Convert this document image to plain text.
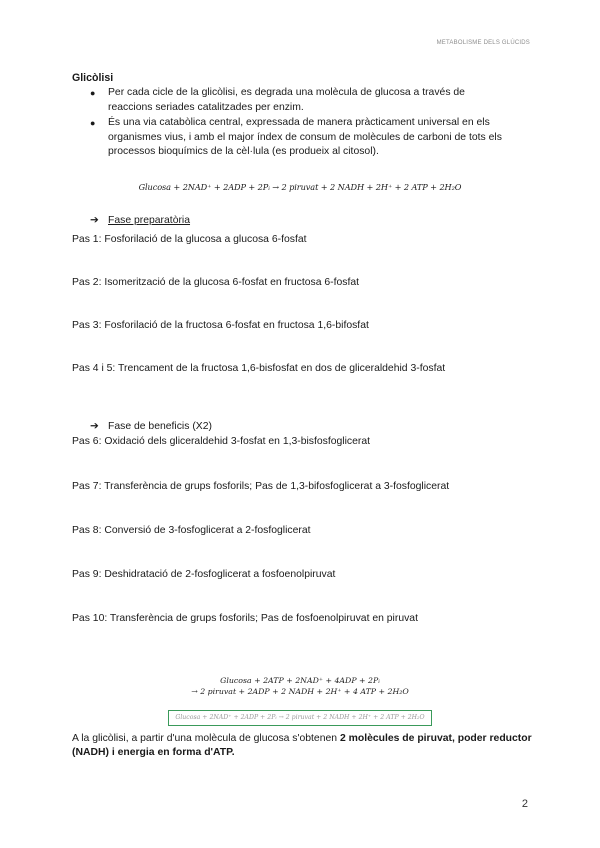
METABOLISME DELS GLÚCIDS
Glicòlisi
● Per cada cicle de la glicòlisi, es degrada una molècula de glucosa a través de reaccions seriades catalitzades per enzim.
● És una via catabòlica central, expressada de manera pràcticament universal en els organismes vius, i amb el major índex de consum de molècules de carboni de tots els processos bioquímics de la cèl·lula (es produeix al citosol).
Glucosa + 2NAD⁺ + 2ADP + 2Pᵢ → 2 piruvat + 2 NADH + 2H⁺ + 2 ATP + 2H₂O
➔ Fase preparatòria
Pas 1: Fosforilació de la glucosa a glucosa 6-fosfat
Pas 2: Isomerització de la glucosa 6-fosfat en fructosa 6-fosfat
Pas 3: Fosforilació de la fructosa 6-fosfat en fructosa 1,6-bifosfat
Pas 4 i 5: Trencament de la fructosa 1,6-bisfosfat en dos de gliceraldehid 3-fosfat
➔ Fase de beneficis (X2)
Pas 6: Oxidació dels gliceraldehid 3-fosfat en 1,3-bisfosfoglicerat
Pas 7: Transferència de grups fosforils; Pas de 1,3-bifosfoglicerat a 3-fosfoglicerat
Pas 8: Conversió de 3-fosfoglicerat a 2-fosfoglicerat
Pas 9: Deshidratació de 2-fosfoglicerat a fosfoenolpiruvat
Pas 10: Transferència de grups fosforils; Pas de fosfoenolpiruvat en piruvat
Glucosa + 2ATP + 2NAD⁺ + 4ADP + 2Pᵢ
→ 2 piruvat + 2ADP + 2 NADH + 2H⁺ + 4 ATP + 2H₂O
Glucosa + 2NAD⁺ + 2ADP + 2Pᵢ → 2 piruvat + 2 NADH + 2H⁺ + 2 ATP + 2H₂O
A la glicòlisi, a partir d'una molècula de glucosa s'obtenen 2 molècules de piruvat, poder reductor (NADH) i energia en forma d'ATP.
2
